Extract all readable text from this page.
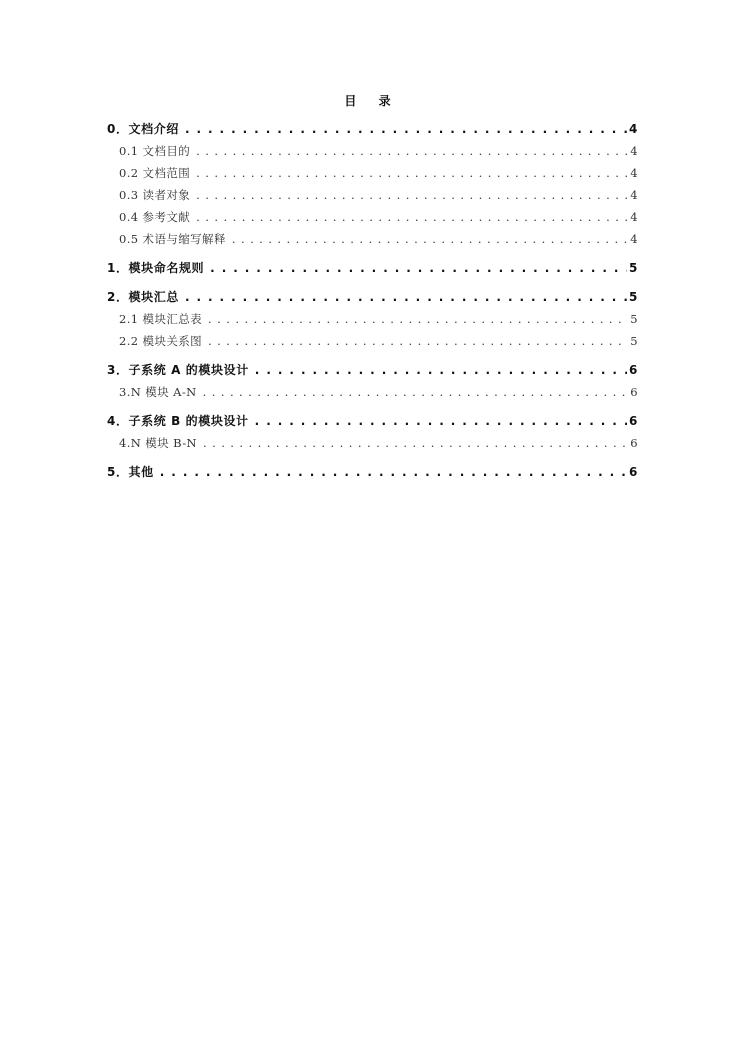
目 录
0．文档介绍 . . .	4
0.1 文档目的 . . .	4
0.2 文档范围 . . .	4
0.3 读者对象 . . .	4
0.4 参考文献 . . .	4
0.5 术语与缩写解释 . . .	4
1．模块命名规则 . . .	5
2．模块汇总 . . .	5
2.1 模块汇总表 . . .	5
2.2 模块关系图 . . .	5
3．子系统 A 的模块设计 . . .	6
3.N 模块 A-N . . .	6
4．子系统 B 的模块设计 . . .	6
4.N 模块 B-N . . .	6
5．其他 . . .	6
